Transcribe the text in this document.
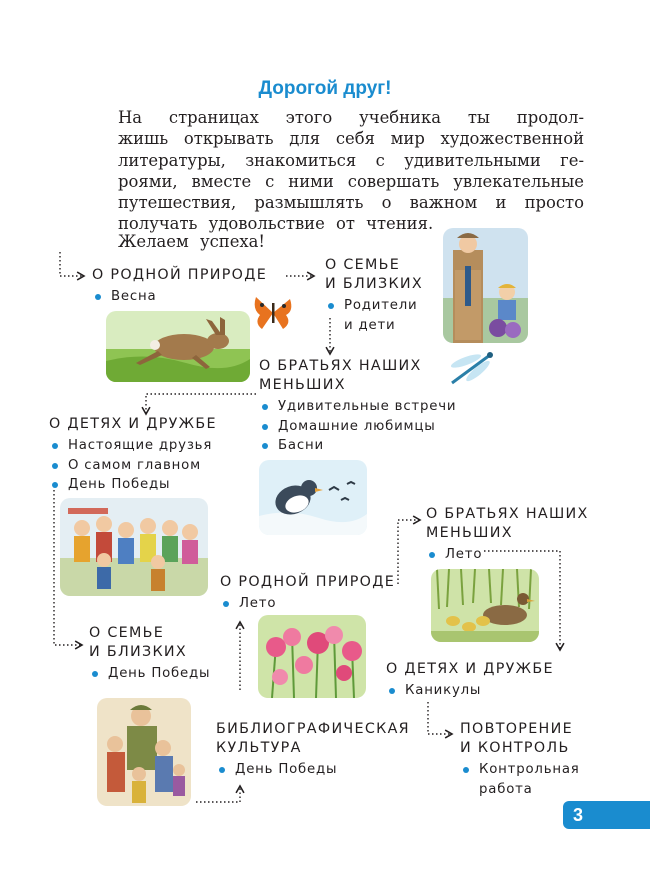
Дорогой друг!
На страницах этого учебника ты продол-
жишь открывать для себя мир художественной
литературы, знакомиться с удивительными ге-
роями, вместе с ними совершать увлекательные
путешествия, размышлять о важном и просто
получать удовольствие от чтения.
Желаем успеха!
О РОДНОЙ ПРИРОДЕ
Весна
О СЕМЬЕ
И БЛИЗКИХ
Родители
и дети
О БРАТЬЯХ НАШИХ
МЕНЬШИХ
Удивительные встречи
Домашние любимцы
Басни
О ДЕТЯХ И ДРУЖБЕ
Настоящие друзья
О самом главном
День Победы
О БРАТЬЯХ НАШИХ
МЕНЬШИХ
Лето
О РОДНОЙ ПРИРОДЕ
Лето
О СЕМЬЕ
И БЛИЗКИХ
День Победы	О ДЕТЯХ И ДРУЖБЕ
Каникулы
БИБЛИОГРАФИЧЕСКАЯ
КУЛЬТУРА
День Победы
ПОВТОРЕНИЕ
И КОНТРОЛЬ
Контрольная
работа
3
